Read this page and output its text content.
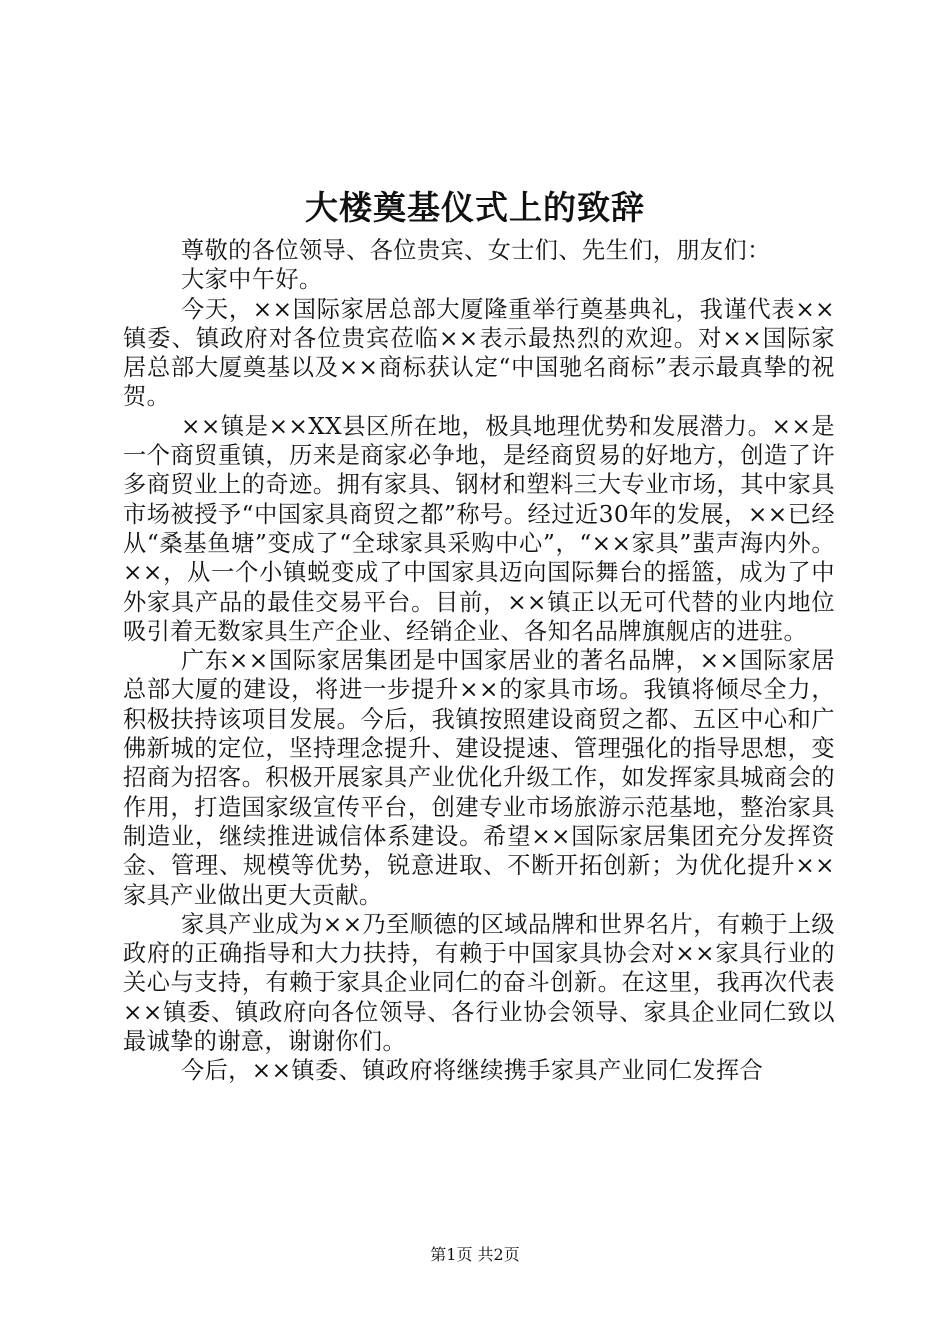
大楼奠基仪式上的致辞

尊敬的各位领导、各位贵宾、女士们、先生们，朋友们：

大家中午好。

今天，××国际家居总部大厦隆重举行奠基典礼，我谨代表××镇委、镇政府对各位贵宾莅临××表示最热烈的欢迎。对××国际家居总部大厦奠基以及××商标获认定“中国驰名商标”表示最真挚的祝贺。

××镇是××XX县区所在地，极具地理优势和发展潜力。××是一个商贸重镇，历来是商家必争地，是经商贸易的好地方，创造了许多商贸业上的奇迹。拥有家具、钢材和塑料三大专业市场，其中家具市场被授予“中国家具商贸之都”称号。经过近30年的发展，××已经从“桑基鱼塘”变成了“全球家具采购中心”，“××家具”蜚声海内外。××，从一个小镇蜕变成了中国家具迈向国际舞台的摇篮，成为了中外家具产品的最佳交易平台。目前，××镇正以无可代替的业内地位吸引着无数家具生产企业、经销企业、各知名品牌旗舰店的进驻。

广东××国际家居集团是中国家居业的著名品牌，××国际家居总部大厦的建设，将进一步提升××的家具市场。我镇将倾尽全力，积极扶持该项目发展。今后，我镇按照建设商贸之都、五区中心和广佛新城的定位，坚持理念提升、建设提速、管理强化的指导思想，变招商为招客。积极开展家具产业优化升级工作，如发挥家具城商会的作用，打造国家级宣传平台，创建专业市场旅游示范基地，整治家具制造业，继续推进诚信体系建设。希望××国际家居集团充分发挥资金、管理、规模等优势，锐意进取、不断开拓创新；为优化提升××家具产业做出更大贡献。

家具产业成为××乃至顺德的区域品牌和世界名片，有赖于上级政府的正确指导和大力扶持，有赖于中国家具协会对××家具行业的关心与支持，有赖于家具企业同仁的奋斗创新。在这里，我再次代表××镇委、镇政府向各位领导、各行业协会领导、家具企业同仁致以最诚挚的谢意，谢谢你们。

今后，××镇委、镇政府将继续携手家具产业同仁发挥合

第1页 共2页
